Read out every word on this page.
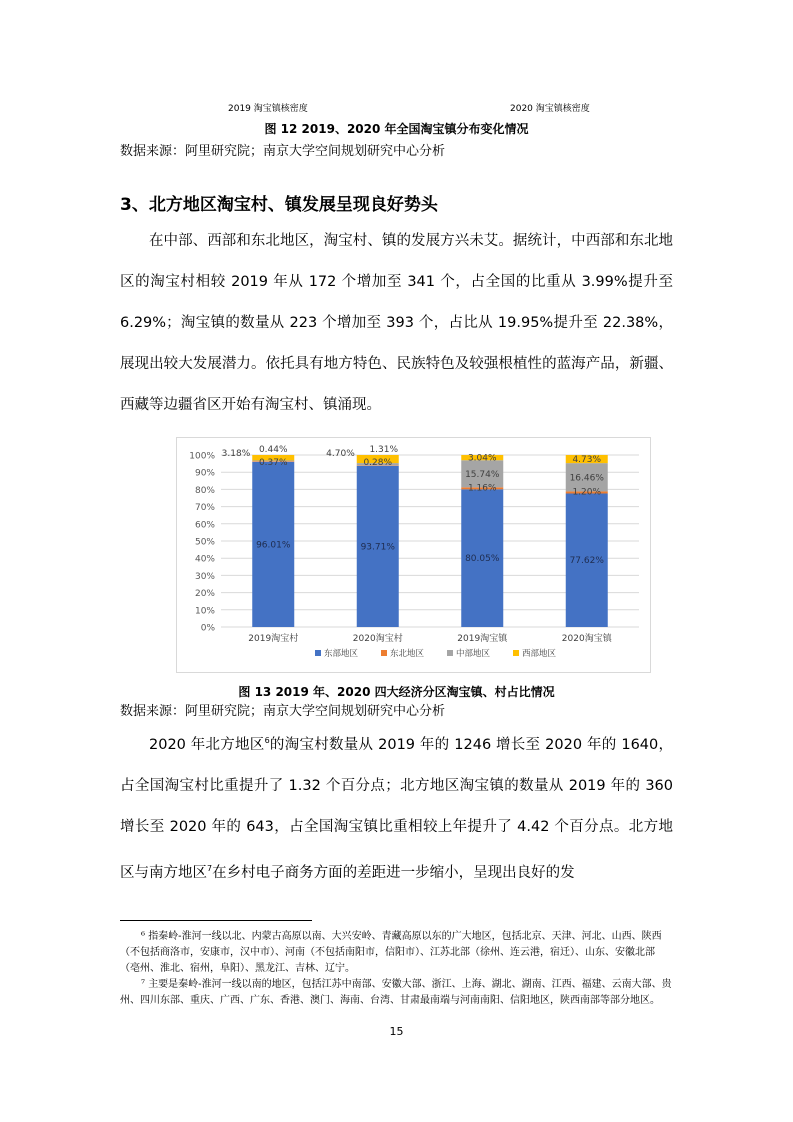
2019 淘宝镇核密度	2020 淘宝镇核密度
图 12 2019、2020 年全国淘宝镇分布变化情况
数据来源：阿里研究院；南京大学空间规划研究中心分析
3、北方地区淘宝村、镇发展呈现良好势头

在中部、西部和东北地区，淘宝村、镇的发展方兴未艾。据统计，中西部和东北地区的淘宝村相较 2019 年从 172 个增加至 341 个，占全国的比重从 3.99%提升至 6.29%；淘宝镇的数量从 223 个增加至 393 个，占比从 19.95%提升至 22.38%，展现出较大发展潜力。依托具有地方特色、民族特色及较强根植性的蓝海产品，新疆、西藏等边疆省区开始有淘宝村、镇涌现。

0%
10%
20%
30%
40%
50%
60%
70%
80%
90%
100%
2019淘宝村	2020淘宝村	2019淘宝镇	2020淘宝镇
96.01%
0.37%
0.44%
3.18%
93.71%
0.28%
1.31%
4.70%
80.05%
1.16%
15.74%
3.04%
77.62%
1.20%
16.46%
4.73%
东部地区	东北地区	中部地区	西部地区
图 13 2019 年、2020 四大经济分区淘宝镇、村占比情况
数据来源：阿里研究院；南京大学空间规划研究中心分析

2020 年北方地区$^6$的淘宝村数量从 2019 年的 1246 增长至 2020 年的 1640，占全国淘宝村比重提升了 1.32 个百分点；北方地区淘宝镇的数量从 2019 年的 360 增长至 2020 年的 643，占全国淘宝镇比重相较上年提升了 4.42 个百分点。北方地区与南方地区$^7$在乡村电子商务方面的差距进一步缩小，呈现出良好的发

⁶ 指秦岭-淮河一线以北、内蒙古高原以南、大兴安岭、青藏高原以东的广大地区，包括北京、天津、河北、山西、陕西（不包括商洛市，安康市，汉中市）、河南（不包括南阳市，信阳市）、江苏北部（徐州、连云港，宿迁）、山东、安徽北部（亳州、淮北、宿州，阜阳）、黑龙江、吉林、辽宁。

⁷ 主要是秦岭-淮河一线以南的地区，包括江苏中南部、安徽大部、浙江、上海、湖北、湖南、江西、福建、云南大部、贵州、四川东部、重庆、广西、广东、香港、澳门、海南、台湾、甘肃最南端与河南南阳、信阳地区，陕西南部等部分地区。

15
